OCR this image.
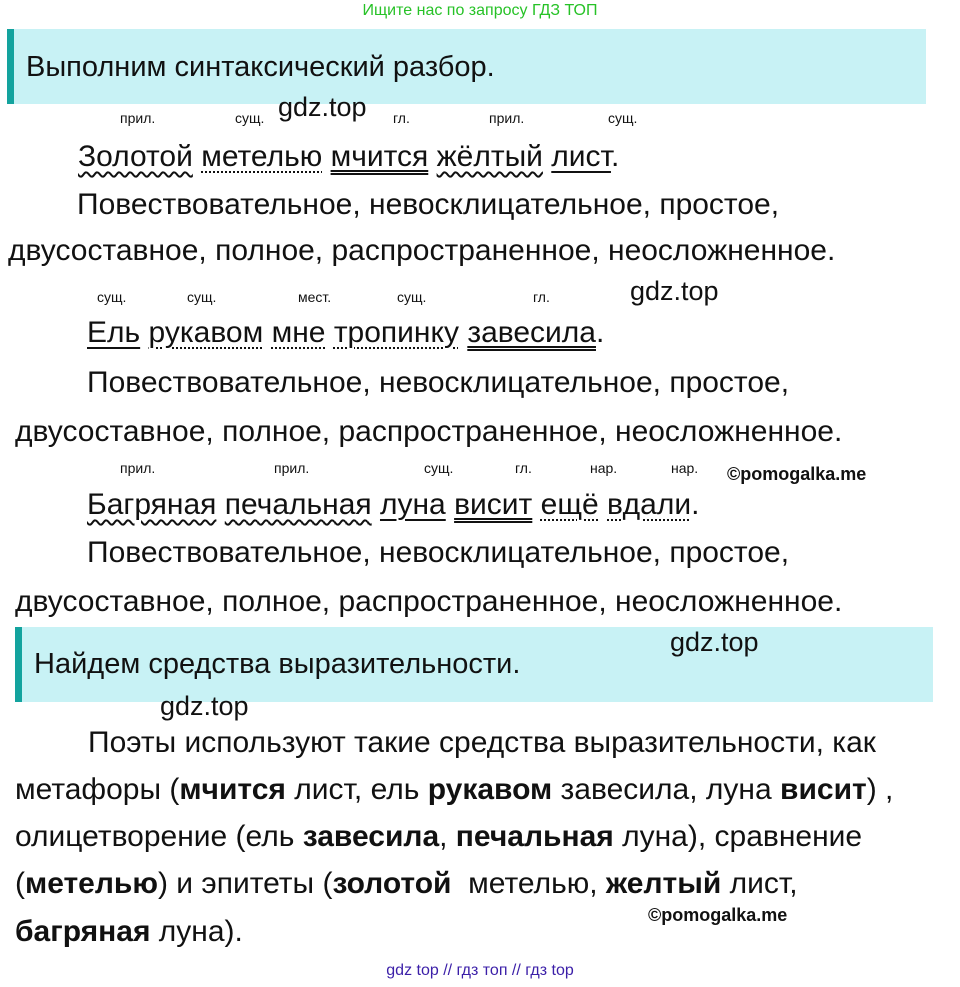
Ищите нас по запросу ГДЗ ТОП
Выполним синтаксический разбор.
gdz.top
прил.	сущ.	гл.	прил.	сущ.
Золотой метелью мчится жёлтый лист.
Повествовательное, невосклицательное, простое,
двусоставное, полное, распространенное, неосложненное.
сущ.	сущ.	мест.	сущ.	гл.	gdz.top
Ель рукавом мне тропинку завесила.
Повествовательное, невосклицательное, простое,
двусоставное, полное, распространенное, неосложненное.
прил.	прил.	сущ.	гл.	нар.	нар. ©pomogalka.me
Багряная печальная луна висит ещё вдали.
Повествовательное, невосклицательное, простое,
двусоставное, полное, распространенное, неосложненное.
Найдем средства выразительности.
gdz.top
gdz.top
Поэты используют такие средства выразительности, как
метафоры (мчится лист, ель рукавом завесила, луна висит) ,
олицетворение (ель завесила, печальная луна), сравнение
(метелью) и эпитеты (золотой  метелью, желтый лист,
©pomogalka.me
багряная луна).
gdz top // гдз топ // гдз top
